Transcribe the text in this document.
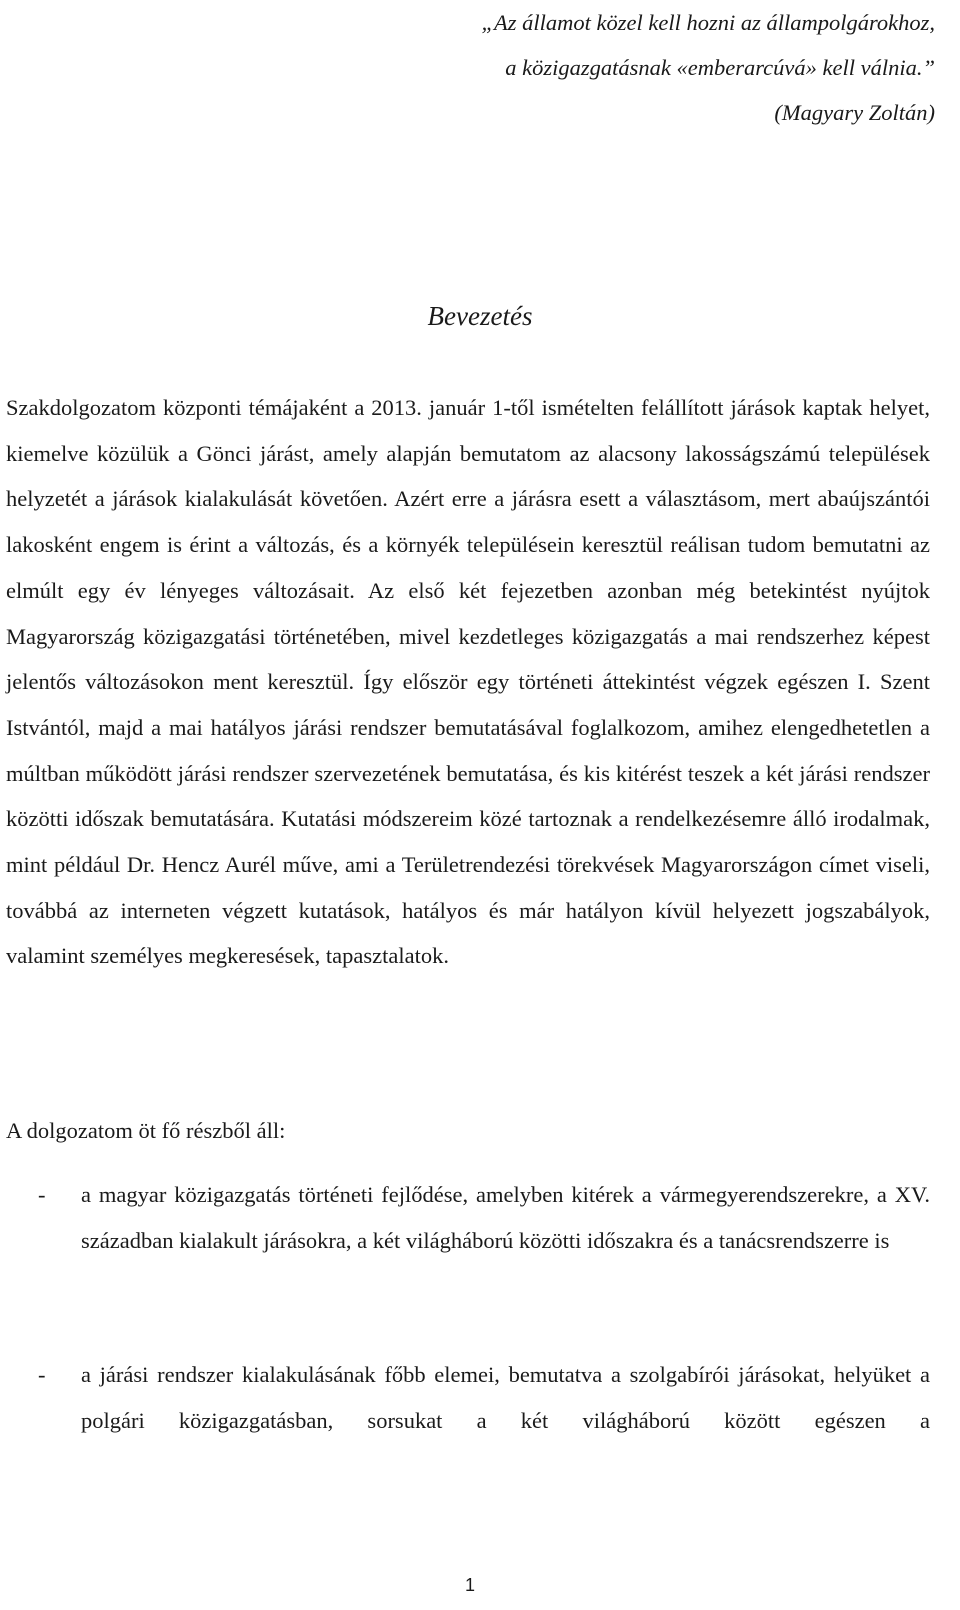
„Az államot közel kell hozni az állampolgárokhoz,
a közigazgatásnak «emberarcúvá» kell válnia.”
(Magyary Zoltán)
Bevezetés

Szakdolgozatom központi témájaként a 2013. január 1-től ismételten felállított járások kaptak helyet, kiemelve közülük a Gönci járást, amely alapján bemutatom az alacsony lakosságszámú települések helyzetét a járások kialakulását követően. Azért erre a járásra esett a választásom, mert abaújszántói lakosként engem is érint a változás, és a környék településein keresztül reálisan tudom bemutatni az elmúlt egy év lényeges változásait. Az első két fejezetben azonban még betekintést nyújtok Magyarország közigazgatási történetében, mivel kezdetleges közigazgatás a mai rendszerhez képest jelentős változásokon ment keresztül. Így először egy történeti áttekintést végzek egészen I. Szent Istvántól, majd a mai hatályos járási rendszer bemutatásával foglalkozom, amihez elengedhetetlen a múltban működött járási rendszer szervezetének bemutatása, és kis kitérést teszek a két járási rendszer közötti időszak bemutatására. Kutatási módszereim közé tartoznak a rendelkezésemre álló irodalmak, mint például Dr. Hencz Aurél műve, ami a Területrendezési törekvések Magyarországon címet viseli, továbbá az interneten végzett kutatások, hatályos és már hatályon kívül helyezett jogszabályok, valamint személyes megkeresések, tapasztalatok.

A dolgozatom öt fő részből áll:

- a magyar közigazgatás történeti fejlődése, amelyben kitérek a vármegyerendszerekre, a XV. században kialakult járásokra, a két világháború közötti időszakra és a tanácsrendszerre is
- a járási rendszer kialakulásának főbb elemei, bemutatva a szolgabírói járásokat, helyüket a polgári közigazgatásban, sorsukat a két világháború között egészen a
1
